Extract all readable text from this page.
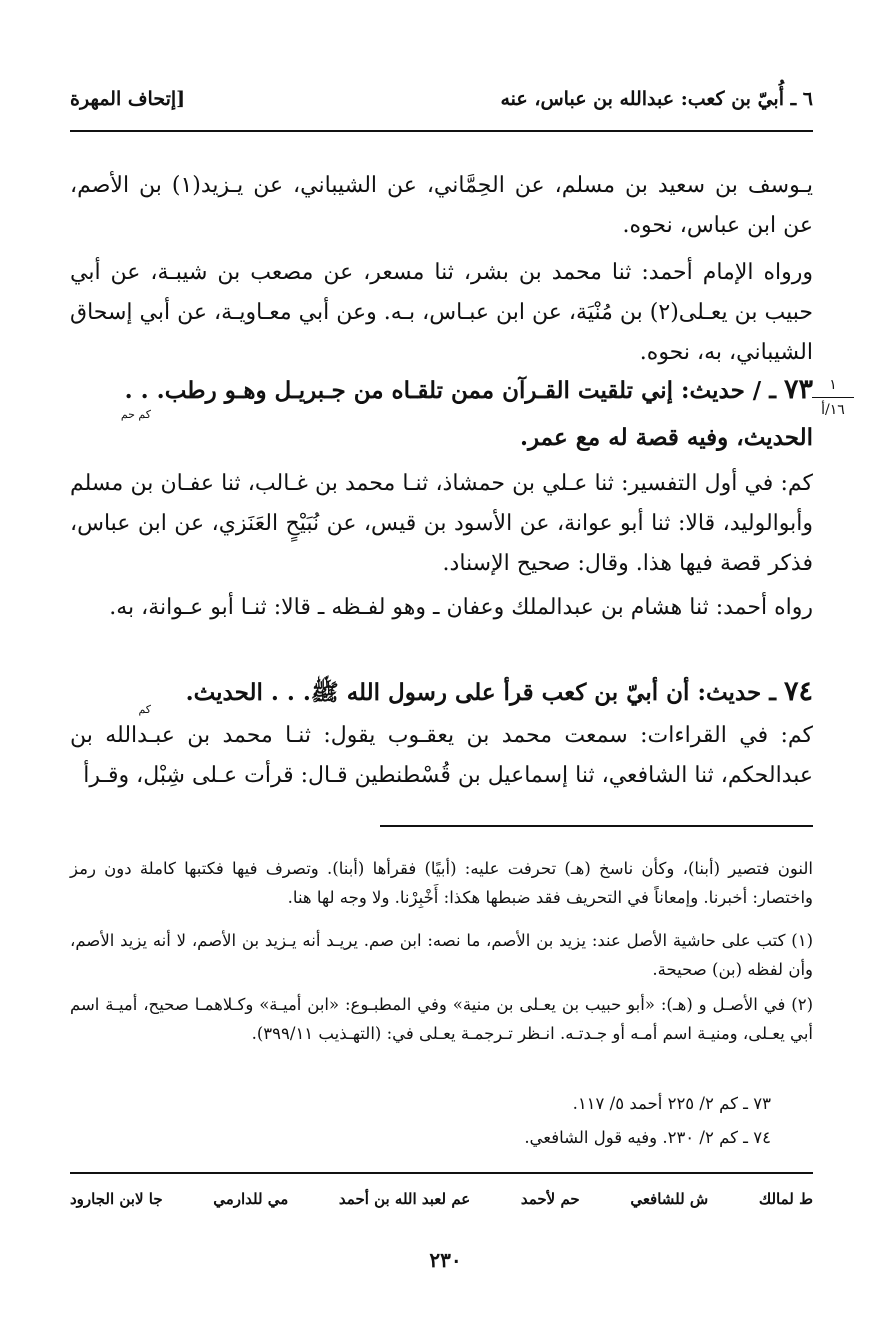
٦ ـ أُبيّ بن كعب: عبدالله بن عباس، عنه
[إتحاف المهرة
يـوسف بن سعيد بن مسلم، عن الحِمَّاني، عن الشيباني، عن يـزيد(١) بن الأصم، عن ابن عباس، نحوه.
ورواه الإمام أحمد: ثنا محمد بن بشر، ثنا مسعر، عن مصعب بن شيبـة، عن أبي حبيب بن يعـلى(٢) بن مُنْيَة، عن ابن عبـاس، بـه. وعن أبي معـاويـة، عن أبي إسحاق الشيباني، به، نحوه.
١
١٦/أ
٧٣ ـ / حديث: إني تلقيت القـرآن ممن تلقـاه من جـبريـل وهـو رطب. . .
كم حم
الحديث، وفيه قصة له مع عمر.
كم: في أول التفسير: ثنا عـلي بن حمشاذ، ثنـا محمد بن غـالب، ثنا عفـان بن مسلم وأبوالوليد، قالا: ثنا أبو عوانة، عن الأسود بن قيس، عن نُبَيْحٍ العَنَزي، عن ابن عباس، فذكر قصة فيها هذا. وقال: صحيح الإسناد.
رواه أحمد: ثنا هشام بن عبدالملك وعفان ـ وهو لفـظه ـ قالا: ثنـا أبو عـوانة، به.
٧٤ ـ حديث: أن أبيّ بن كعب قرأ على رسول الله ﷺ. . . الحديث.
كم
كم: في القراءات: سمعت محمد بن يعقـوب يقول: ثنـا محمد بن عبـدالله بن عبدالحكم، ثنا الشافعي، ثنا إسماعيل بن قُسْطنطين قـال: قرأت عـلى شِبْل، وقـرأ
النون فتصير (أبنا)، وكأن ناسخ (هـ) تحرفت عليه: (أبيًا) فقرأها (أبنا). وتصرف فيها فكتبها كاملة دون رمز واختصار: أخبرنا. وإمعاناً في التحريف فقد ضبطها هكذا: أَخْبِرْنا. ولا وجه لها هنا.
(١) كتب على حاشية الأصل عند: يزيد بن الأصم، ما نصه: ابن صم. يريـد أنه يـزيد بن الأصم، لا أنه يزيد الأصم، وأن لفظه (بن) صحيحة.
(٢) في الأصـل و (هـ): «أبو حبيب بن يعـلى بن منية» وفي المطبـوع: «ابن أميـة» وكـلاهمـا صحيح، أميـة اسم أبي يعـلى، ومنيـة اسم أمـه أو جـدتـه. انـظر تـرجمـة يعـلى في: (التهـذيب ٣٩٩/١١).
٧٣ ـ كم ٢/ ٢٢٥ أحمد ٥/ ١١٧.
٧٤ ـ كم ٢/ ٢٣٠. وفيه قول الشافعي.
ط لمالك
ش للشافعي
حم لأحمد
عم لعبد الله بن أحمد
مي للدارمي
جا لابن الجارود
٢٣٠
